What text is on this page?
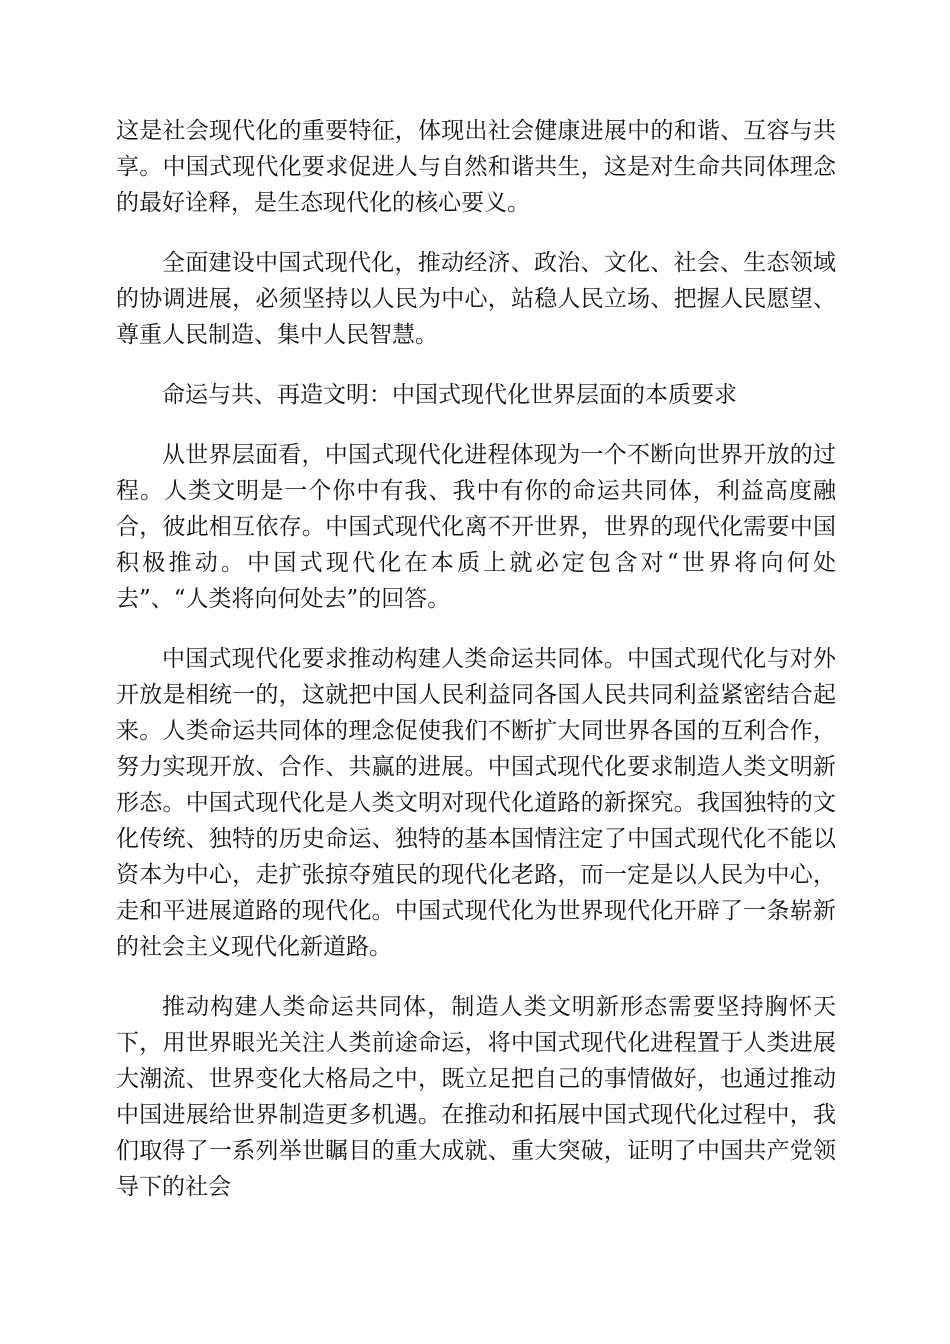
这是社会现代化的重要特征，体现出社会健康进展中的和谐、互容与共享。中国式现代化要求促进人与自然和谐共生，这是对生命共同体理念的最好诠释，是生态现代化的核心要义。

全面建设中国式现代化，推动经济、政治、文化、社会、生态领域的协调进展，必须坚持以人民为中心，站稳人民立场、把握人民愿望、尊重人民制造、集中人民智慧。

命运与共、再造文明：中国式现代化世界层面的本质要求

从世界层面看，中国式现代化进程体现为一个不断向世界开放的过程。人类文明是一个你中有我、我中有你的命运共同体，利益高度融合，彼此相互依存。中国式现代化离不开世界，世界的现代化需要中国积极推动。中国式现代化在本质上就必定包含对“世界将向何处去”、“人类将向何处去”的回答。

中国式现代化要求推动构建人类命运共同体。中国式现代化与对外开放是相统一的，这就把中国人民利益同各国人民共同利益紧密结合起来。人类命运共同体的理念促使我们不断扩大同世界各国的互利合作，努力实现开放、合作、共赢的进展。中国式现代化要求制造人类文明新形态。中国式现代化是人类文明对现代化道路的新探究。我国独特的文化传统、独特的历史命运、独特的基本国情注定了中国式现代化不能以资本为中心，走扩张掠夺殖民的现代化老路，而一定是以人民为中心，走和平进展道路的现代化。中国式现代化为世界现代化开辟了一条崭新的社会主义现代化新道路。

推动构建人类命运共同体，制造人类文明新形态需要坚持胸怀天下，用世界眼光关注人类前途命运，将中国式现代化进程置于人类进展大潮流、世界变化大格局之中，既立足把自己的事情做好，也通过推动中国进展给世界制造更多机遇。在推动和拓展中国式现代化过程中，我们取得了一系列举世瞩目的重大成就、重大突破，证明了中国共产党领导下的社会
